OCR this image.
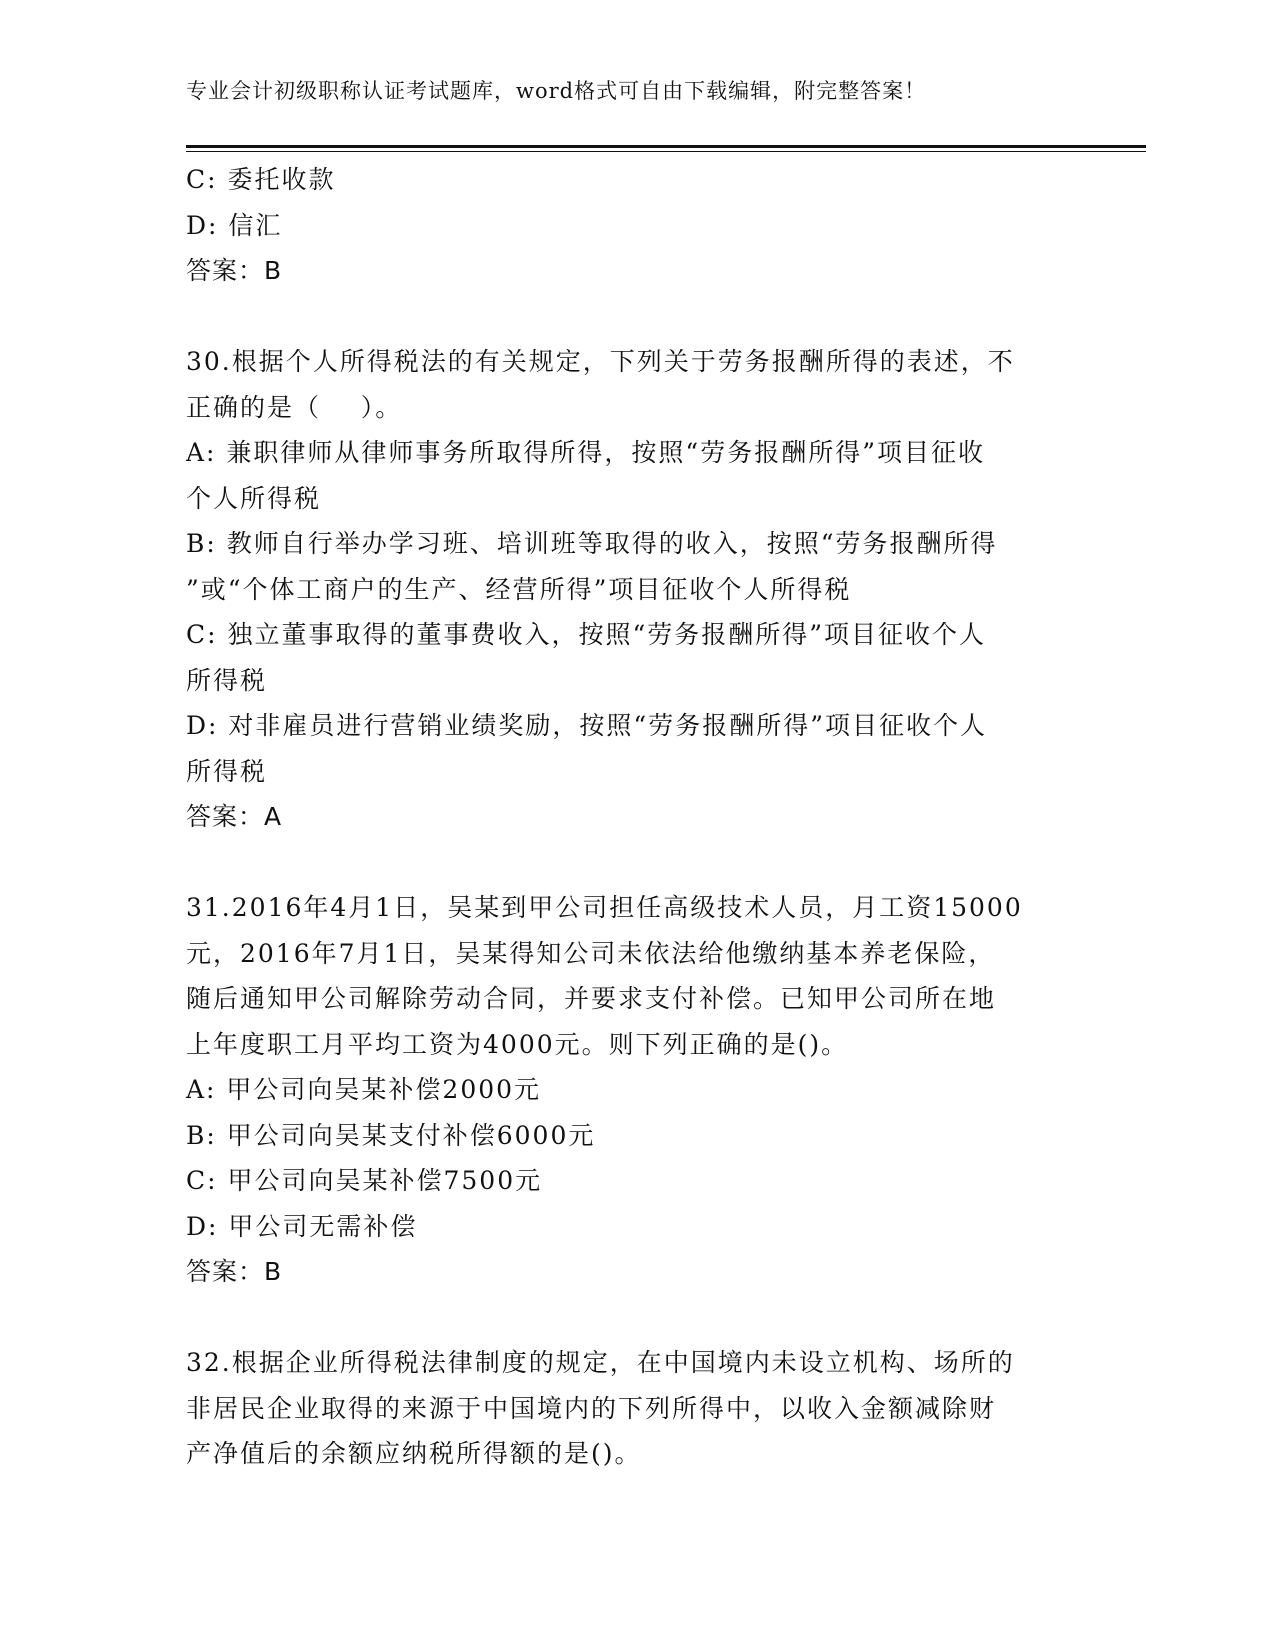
专业会计初级职称认证考试题库，word格式可自由下载编辑，附完整答案！
C: 委托收款
D: 信汇
答案：B
30.根据个人所得税法的有关规定，下列关于劳务报酬所得的表述，不
正确的是（    ）。
A: 兼职律师从律师事务所取得所得，按照“劳务报酬所得”项目征收
个人所得税
B: 教师自行举办学习班、培训班等取得的收入，按照“劳务报酬所得
”或“个体工商户的生产、经营所得”项目征收个人所得税
C: 独立董事取得的董事费收入，按照“劳务报酬所得”项目征收个人
所得税
D: 对非雇员进行营销业绩奖励，按照“劳务报酬所得”项目征收个人
所得税
答案：A
31.2016年4月1日，吴某到甲公司担任高级技术人员，月工资15000
元，2016年7月1日，吴某得知公司未依法给他缴纳基本养老保险，
随后通知甲公司解除劳动合同，并要求支付补偿。已知甲公司所在地
上年度职工月平均工资为4000元。则下列正确的是()。
A: 甲公司向吴某补偿2000元
B: 甲公司向吴某支付补偿6000元
C: 甲公司向吴某补偿7500元
D: 甲公司无需补偿
答案：B
32.根据企业所得税法律制度的规定，在中国境内未设立机构、场所的
非居民企业取得的来源于中国境内的下列所得中，以收入金额减除财
产净值后的余额应纳税所得额的是()。
